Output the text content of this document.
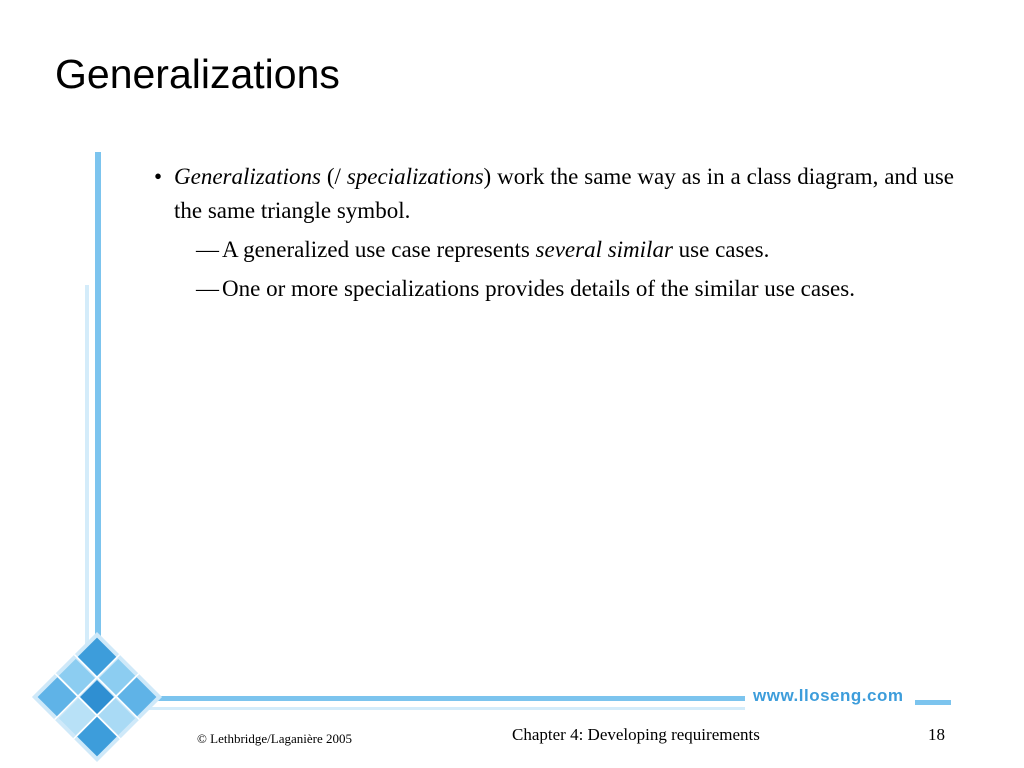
Generalizations

• Generalizations (/ specializations) work the same way as in a class diagram, and use the same triangle symbol.

— A generalized use case represents several similar use cases.

— One or more specializations provides details of the similar use cases.

www.lloseng.com
© Lethbridge/Laganière 2005	Chapter 4: Developing requirements	18
